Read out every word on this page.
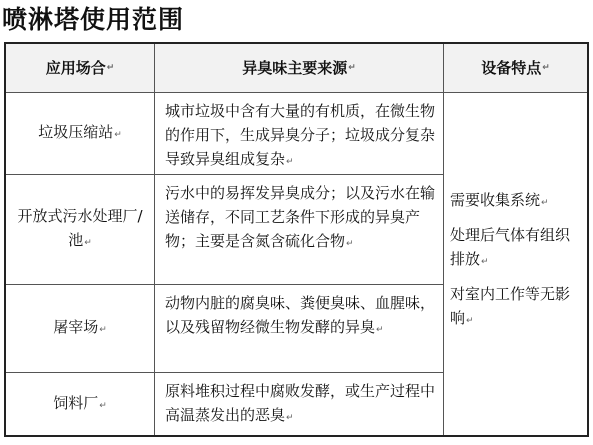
喷淋塔使用范围
应用场合 ↵	异臭味主要来源 ↵	设备特点 ↵
垃圾压缩站↵
城市垃圾中含有大量的有机质，在微生物的作用下，生成异臭分子；垃圾成分复杂导致异臭组成复杂↵
开放式污水处理厂/池↵
污水中的易挥发异臭成分；以及污水在输送储存，不同工艺条件下形成的异臭产物；主要是含氮含硫化合物↵
屠宰场↵
动物内脏的腐臭味、粪便臭味、血腥味，以及残留物经微生物发酵的异臭↵
饲料厂↵
原料堆积过程中腐败发酵，或生产过程中高温蒸发出的恶臭↵

需要收集系统↵

处理后气体有组织排放↵

对室内工作等无影响↵
